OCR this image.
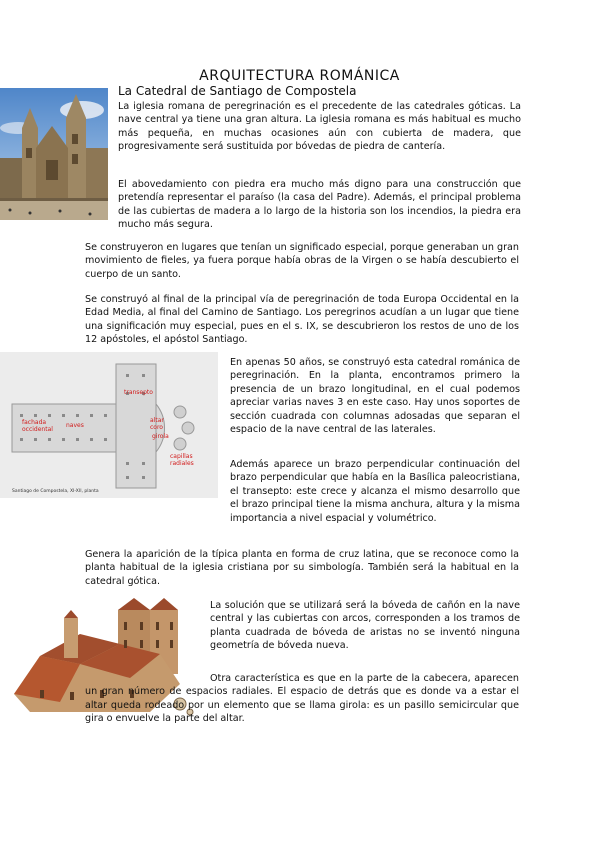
ARQUITECTURA ROMÁNICA
La Catedral de Santiago de Compostela

La iglesia romana de peregrinación es el precedente de las catedrales góticas. La nave central ya tiene una gran altura. La iglesia romana es más habitual es mucho más pequeña, en muchas ocasiones aún con cubierta de madera, que progresivamente será sustituida por bóvedas de piedra de cantería.

El abovedamiento con piedra era mucho más digno para una construcción que pretendía representar el paraíso (la casa del Padre). Además, el principal problema de las cubiertas de madera a lo largo de la historia son los incendios, la piedra era mucho más segura.

Se construyeron en lugares que tenían un significado especial, porque generaban un gran movimiento de fieles, ya fuera porque había obras de la Virgen o se había descubierto el cuerpo de un santo.

Se construyó al final de la principal vía de peregrinación de toda Europa Occidental en la Edad Media, al final del Camino de Santiago. Los peregrinos acudían a un lugar que tiene una significación muy especial, pues en el s. IX, se descubrieron los restos de uno de los 12 apóstoles, el apóstol Santiago.

transepto
fachada
occidental
naves
altar
coro
girola
capillas
radiales
Santiago de Compostela, XI-XII, planta

En apenas 50 años, se construyó esta catedral románica de peregrinación. En la planta, encontramos primero la presencia de un brazo longitudinal, en el cual podemos apreciar varias naves 3 en este caso. Hay unos soportes de sección cuadrada con columnas adosadas que separan el espacio de la nave central de las laterales.

Además aparece un brazo perpendicular continuación del brazo perpendicular que había en la Basílica paleocristiana, el transepto: este crece y alcanza el mismo desarrollo que el brazo principal tiene la misma anchura, altura y la misma importancia a nivel espacial y volumétrico.

Genera la aparición de la típica planta en forma de cruz latina, que se reconoce como la planta habitual de la iglesia cristiana por su simbología. También será la habitual en la catedral gótica.

La solución que se utilizará será la bóveda de cañón en la nave central y las cubiertas con arcos, corresponden a los tramos de planta cuadrada de bóveda de aristas no se inventó ninguna geometría de bóveda nueva.

Otra característica es que en la parte de la cabecera, aparecen un gran número de espacios radiales. El espacio de detrás que es donde va a estar el altar queda rodeado por un elemento que se llama girola: es un pasillo semicircular que gira o envuelve la parte del altar.
